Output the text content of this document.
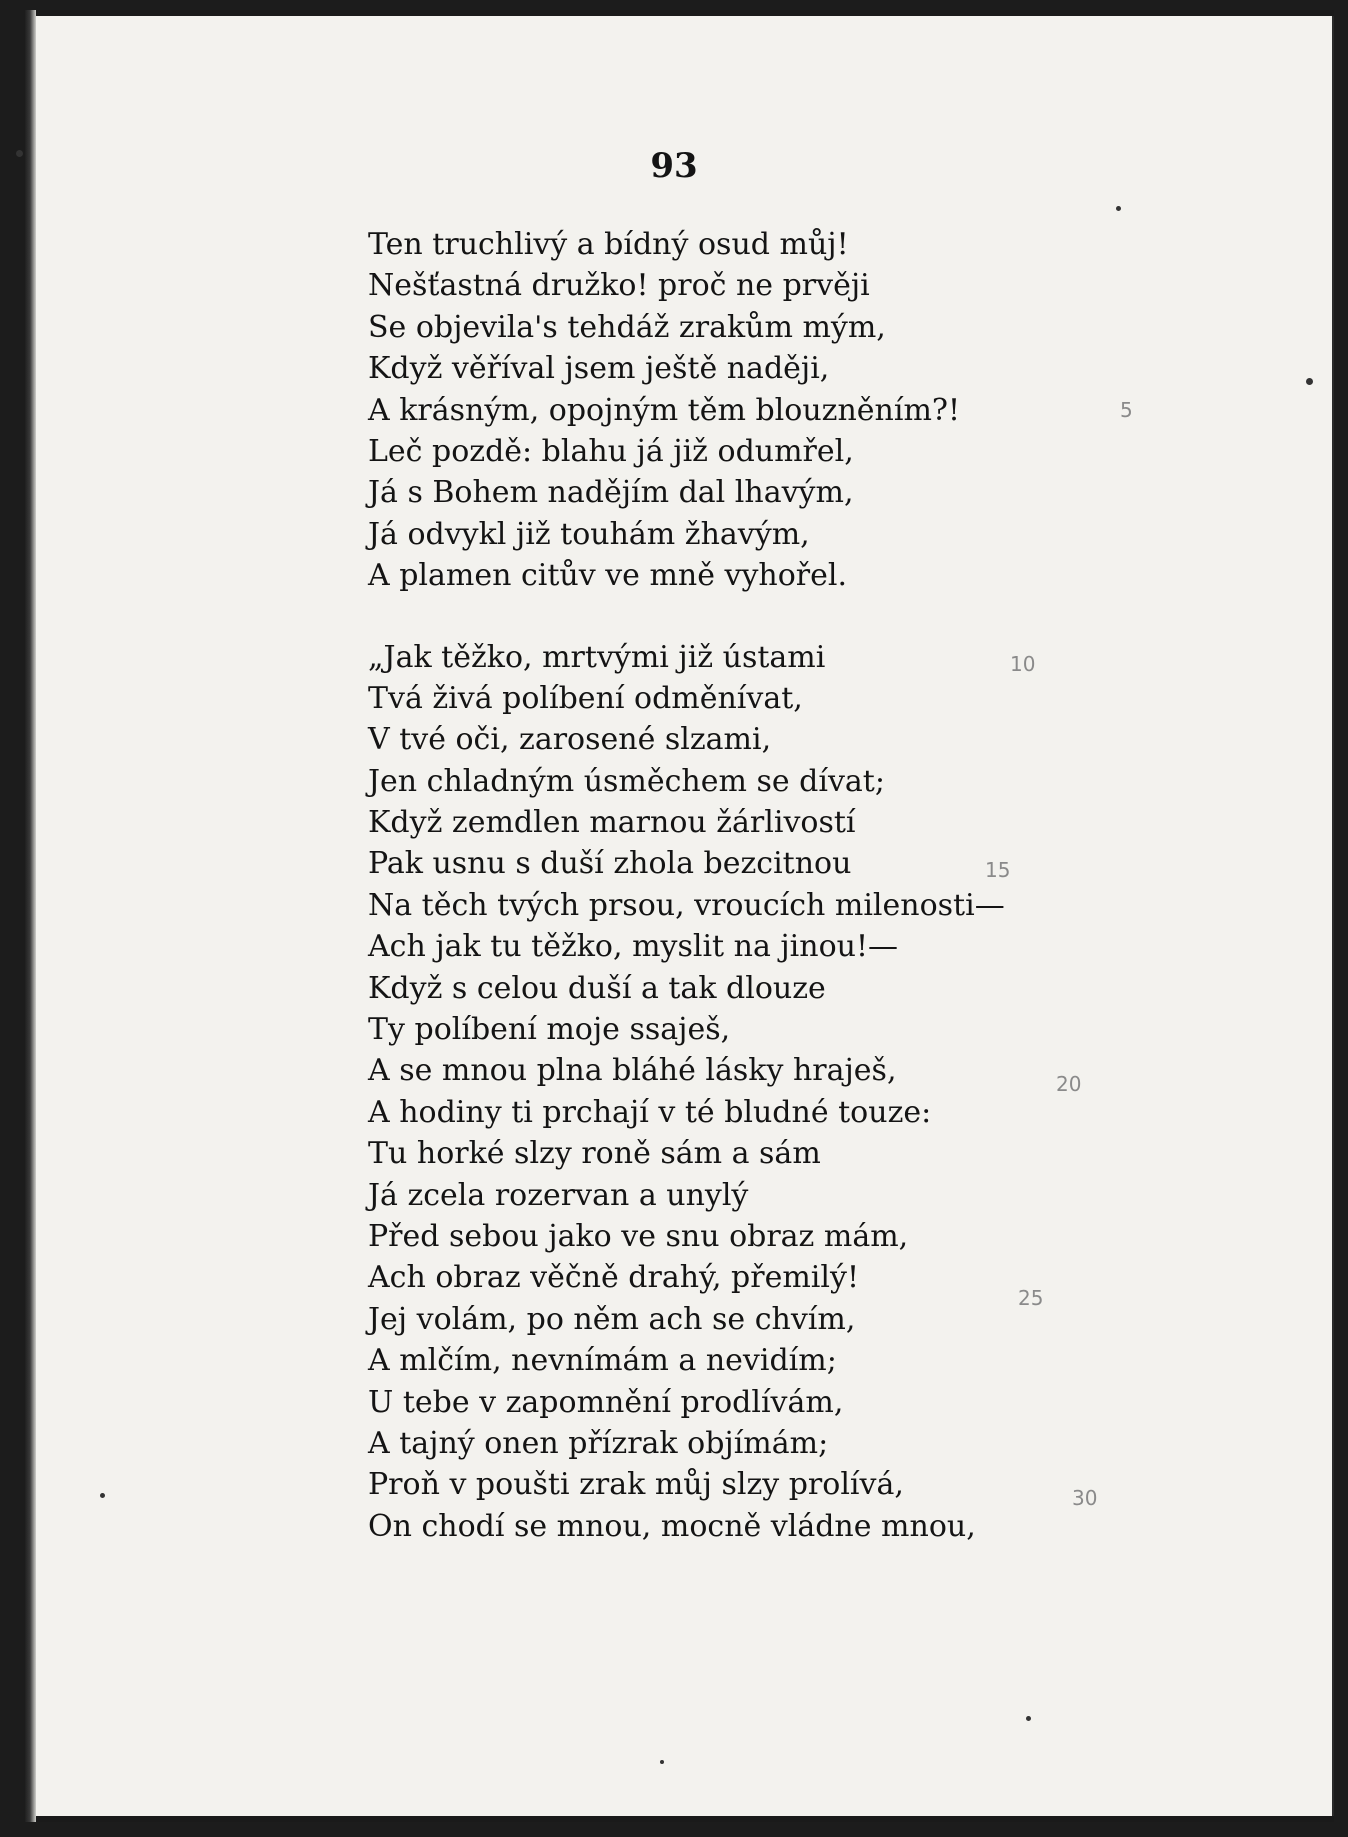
93

Ten truchlivý a bídný osud můj!
Nešťastná družko! proč ne prvěji
Se objevila's tehdáž zrakům mým,
Když věříval jsem ještě naději,
A krásným, opojným těm blouzněním?!
Leč pozdě: blahu já již odumřel,
Já s Bohem nadějím dal lhavým,
Já odvykl již touhám žhavým,
A plamen citův ve mně vyhořel.
„Jak těžko, mrtvými již ústami
Tvá živá políbení odměnívat,
V tvé oči, zarosené slzami,
Jen chladným úsměchem se dívat;
Když zemdlen marnou žárlivostí
Pak usnu s duší zhola bezcitnou
Na těch tvých prsou, vroucích milenosti—
Ach jak tu těžko, myslit na jinou!—
Když s celou duší a tak dlouze
Ty políbení moje ssaješ,
A se mnou plna bláhé lásky hraješ,
A hodiny ti prchají v té bludné touze:
Tu horké slzy roně sám a sám
Já zcela rozervan a unylý
Před sebou jako ve snu obraz mám,
Ach obraz věčně drahý, přemilý!
Jej volám, po něm ach se chvím,
A mlčím, nevnímám a nevidím;
U tebe v zapomnění prodlívám,
A tajný onen přízrak objímám;
Proň v poušti zrak můj slzy prolívá,
On chodí se mnou, mocně vládne mnou,
5
10
15
20
25
30
